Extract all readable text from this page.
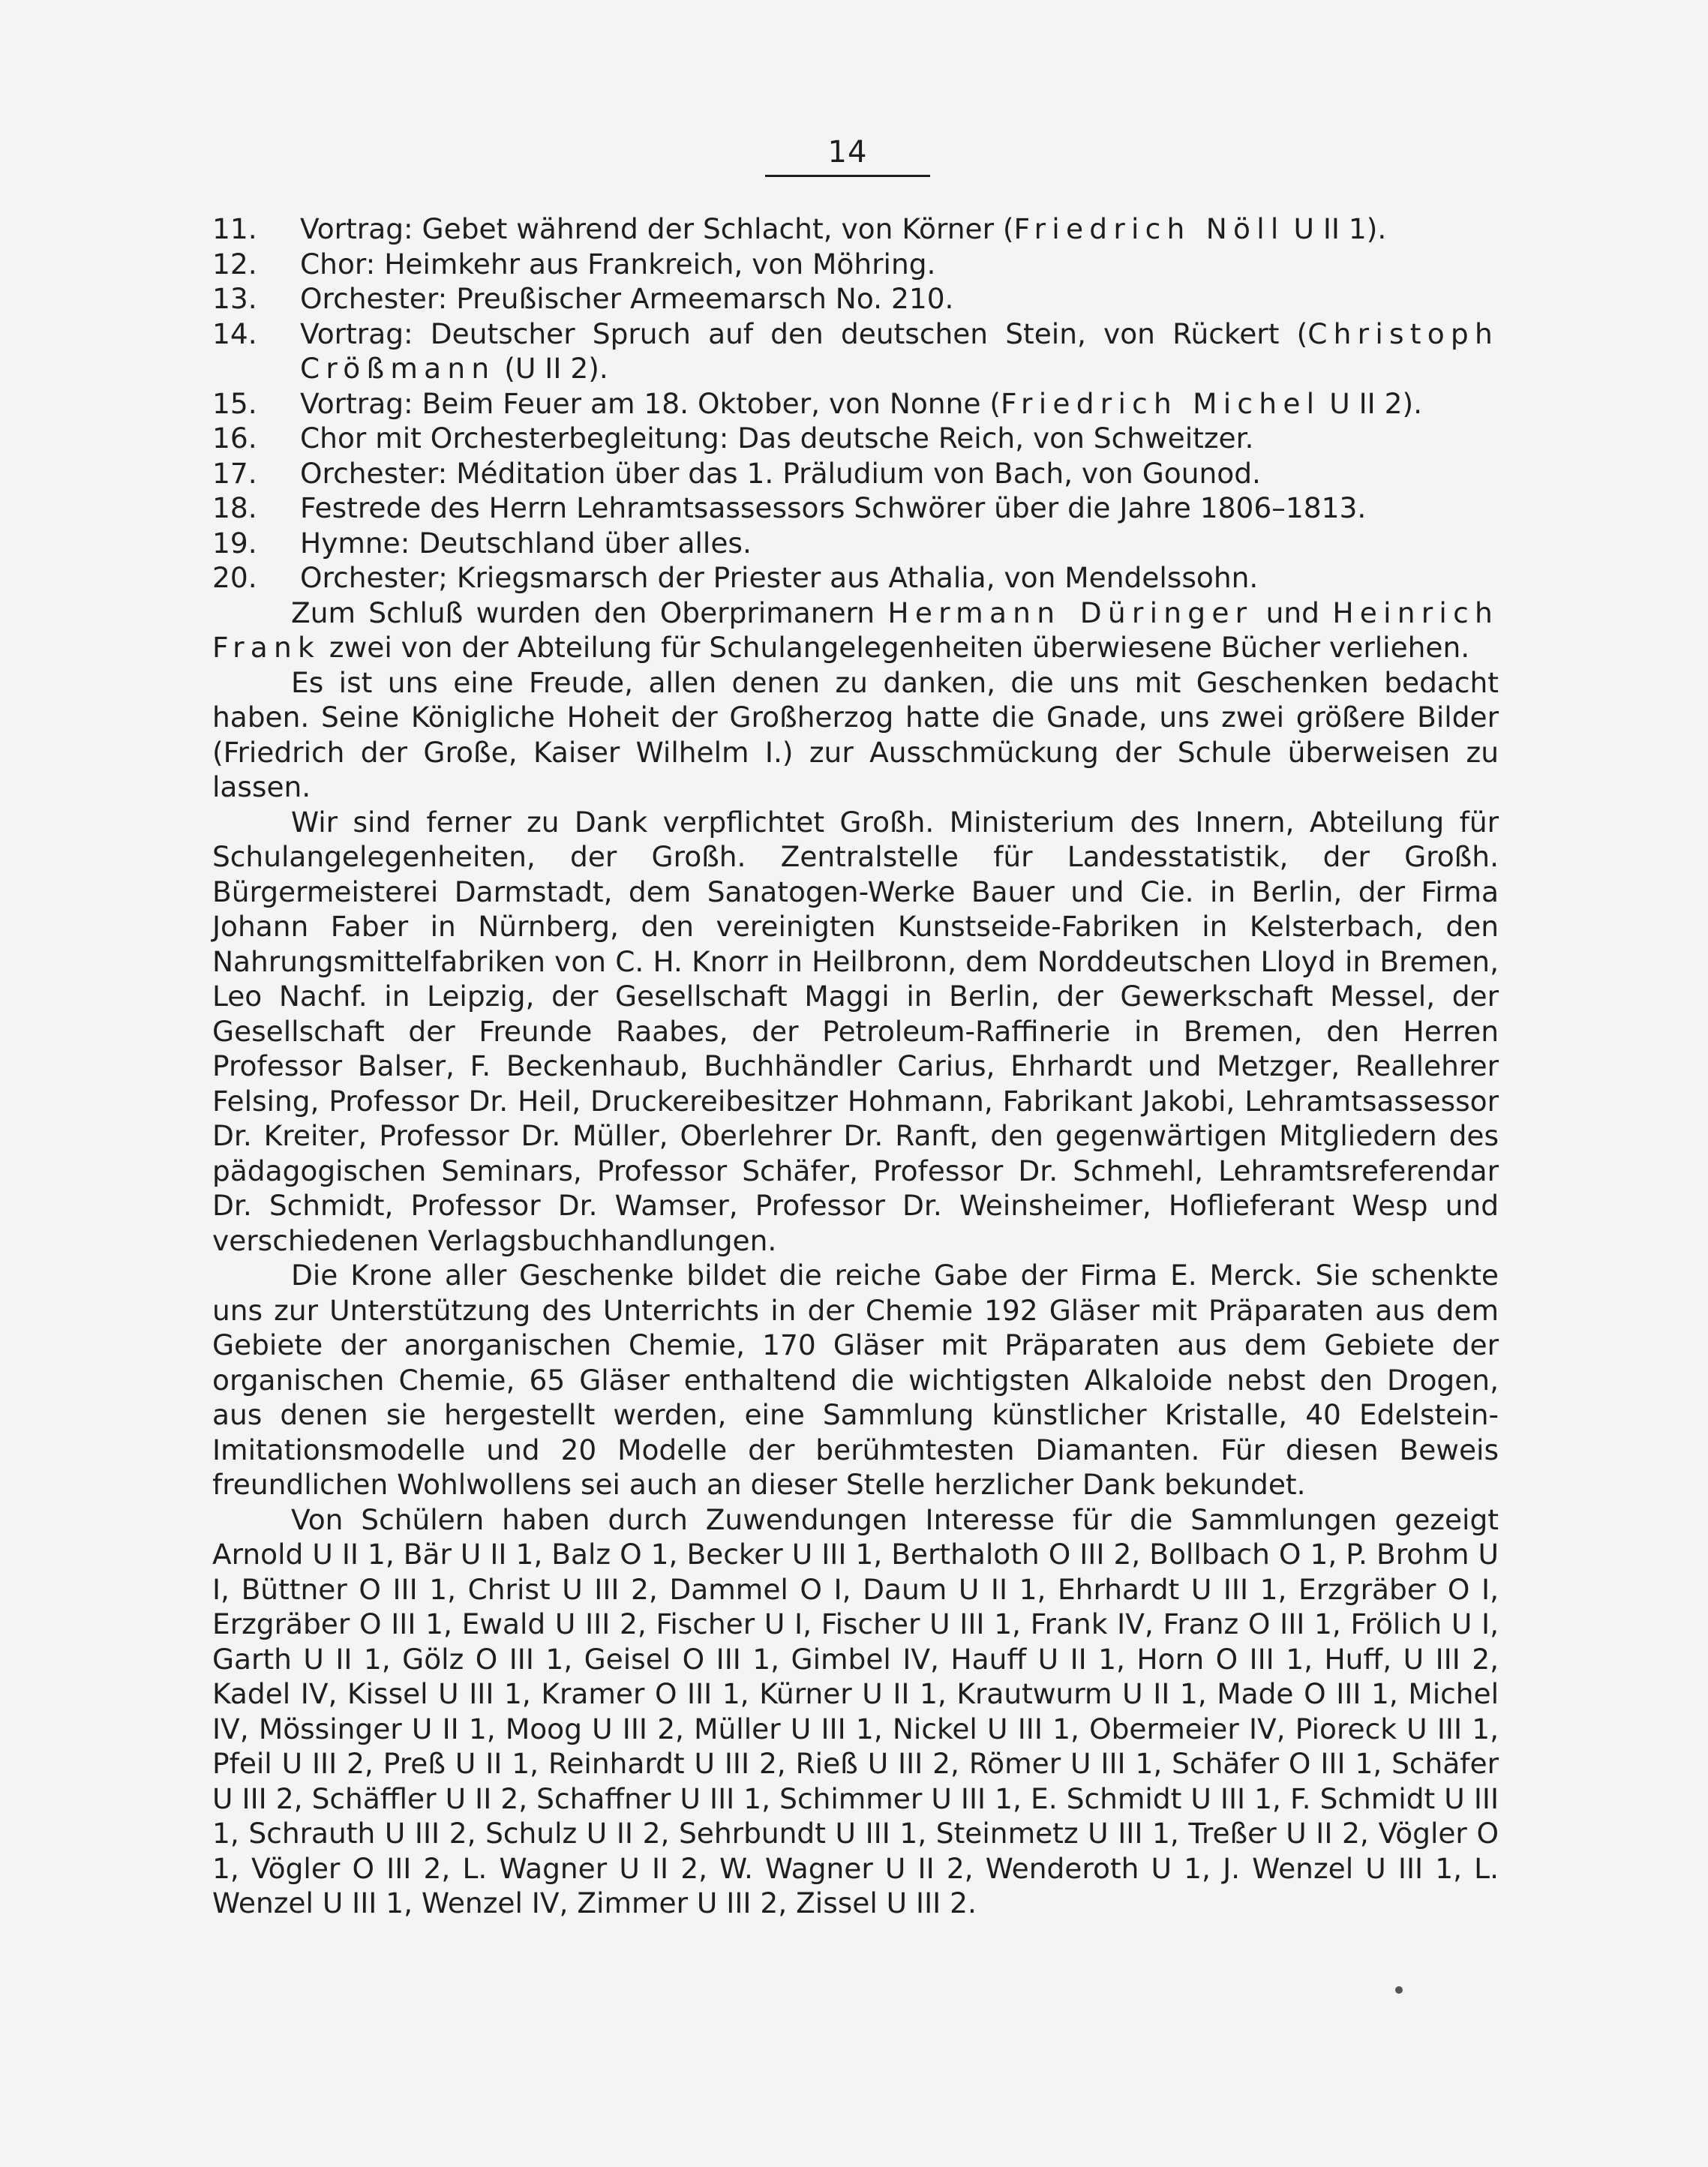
14
11. Vortrag: Gebet während der Schlacht, von Körner (Friedrich Nöll U II 1).
12. Chor: Heimkehr aus Frankreich, von Möhring.
13. Orchester: Preußischer Armeemarsch No. 210.
14. Vortrag: Deutscher Spruch auf den deutschen Stein, von Rückert (Christoph Crößmann (U II 2).
15. Vortrag: Beim Feuer am 18. Oktober, von Nonne (Friedrich Michel U II 2).
16. Chor mit Orchesterbegleitung: Das deutsche Reich, von Schweitzer.
17. Orchester: Méditation über das 1. Präludium von Bach, von Gounod.
18. Festrede des Herrn Lehramtsassessors Schwörer über die Jahre 1806–1813.
19. Hymne: Deutschland über alles.
20. Orchester; Kriegsmarsch der Priester aus Athalia, von Mendelssohn.
Zum Schluß wurden den Oberprimanern Hermann Düringer und Heinrich Frank zwei von der Abteilung für Schulangelegenheiten überwiesene Bücher verliehen.
Es ist uns eine Freude, allen denen zu danken, die uns mit Geschenken bedacht haben. Seine Königliche Hoheit der Großherzog hatte die Gnade, uns zwei größere Bilder (Friedrich der Große, Kaiser Wilhelm I.) zur Ausschmückung der Schule überweisen zu lassen.
Wir sind ferner zu Dank verpflichtet Großh. Ministerium des Innern, Abteilung für Schulangelegenheiten, der Großh. Zentralstelle für Landesstatistik, der Großh. Bürgermeisterei Darmstadt, dem Sanatogen-Werke Bauer und Cie. in Berlin, der Firma Johann Faber in Nürnberg, den vereinigten Kunstseide-Fabriken in Kelsterbach, den Nahrungsmittelfabriken von C. H. Knorr in Heilbronn, dem Norddeutschen Lloyd in Bremen, Leo Nachf. in Leipzig, der Gesellschaft Maggi in Berlin, der Gewerkschaft Messel, der Gesellschaft der Freunde Raabes, der Petroleum-Raffinerie in Bremen, den Herren Professor Balser, F. Beckenhaub, Buchhändler Carius, Ehrhardt und Metzger, Reallehrer Felsing, Professor Dr. Heil, Druckereibesitzer Hohmann, Fabrikant Jakobi, Lehramtsassessor Dr. Kreiter, Professor Dr. Müller, Oberlehrer Dr. Ranft, den gegenwärtigen Mitgliedern des pädagogischen Seminars, Professor Schäfer, Professor Dr. Schmehl, Lehramtsreferendar Dr. Schmidt, Professor Dr. Wamser, Professor Dr. Weinsheimer, Hoflieferant Wesp und verschiedenen Verlagsbuchhandlungen.
Die Krone aller Geschenke bildet die reiche Gabe der Firma E. Merck. Sie schenkte uns zur Unterstützung des Unterrichts in der Chemie 192 Gläser mit Präparaten aus dem Gebiete der anorganischen Chemie, 170 Gläser mit Präparaten aus dem Gebiete der organischen Chemie, 65 Gläser enthaltend die wichtigsten Alkaloide nebst den Drogen, aus denen sie hergestellt werden, eine Sammlung künstlicher Kristalle, 40 Edelstein-Imitationsmodelle und 20 Modelle der berühmtesten Diamanten. Für diesen Beweis freundlichen Wohlwollens sei auch an dieser Stelle herzlicher Dank bekundet.
Von Schülern haben durch Zuwendungen Interesse für die Sammlungen gezeigt Arnold U II 1, Bär U II 1, Balz O 1, Becker U III 1, Berthaloth O III 2, Bollbach O 1, P. Brohm U I, Büttner O III 1, Christ U III 2, Dammel O I, Daum U II 1, Ehrhardt U III 1, Erzgräber O I, Erzgräber O III 1, Ewald U III 2, Fischer U I, Fischer U III 1, Frank IV, Franz O III 1, Frölich U I, Garth U II 1, Gölz O III 1, Geisel O III 1, Gimbel IV, Hauff U II 1, Horn O III 1, Huff, U III 2, Kadel IV, Kissel U III 1, Kramer O III 1, Kürner U II 1, Krautwurm U II 1, Made O III 1, Michel IV, Mössinger U II 1, Moog U III 2, Müller U III 1, Nickel U III 1, Obermeier IV, Pioreck U III 1, Pfeil U III 2, Preß U II 1, Reinhardt U III 2, Rieß U III 2, Römer U III 1, Schäfer O III 1, Schäfer U III 2, Schäffler U II 2, Schaffner U III 1, Schimmer U III 1, E. Schmidt U III 1, F. Schmidt U III 1, Schrauth U III 2, Schulz U II 2, Sehrbundt U III 1, Steinmetz U III 1, Treßer U II 2, Vögler O 1, Vögler O III 2, L. Wagner U II 2, W. Wagner U II 2, Wenderoth U 1, J. Wenzel U III 1, L. Wenzel U III 1, Wenzel IV, Zimmer U III 2, Zissel U III 2.
